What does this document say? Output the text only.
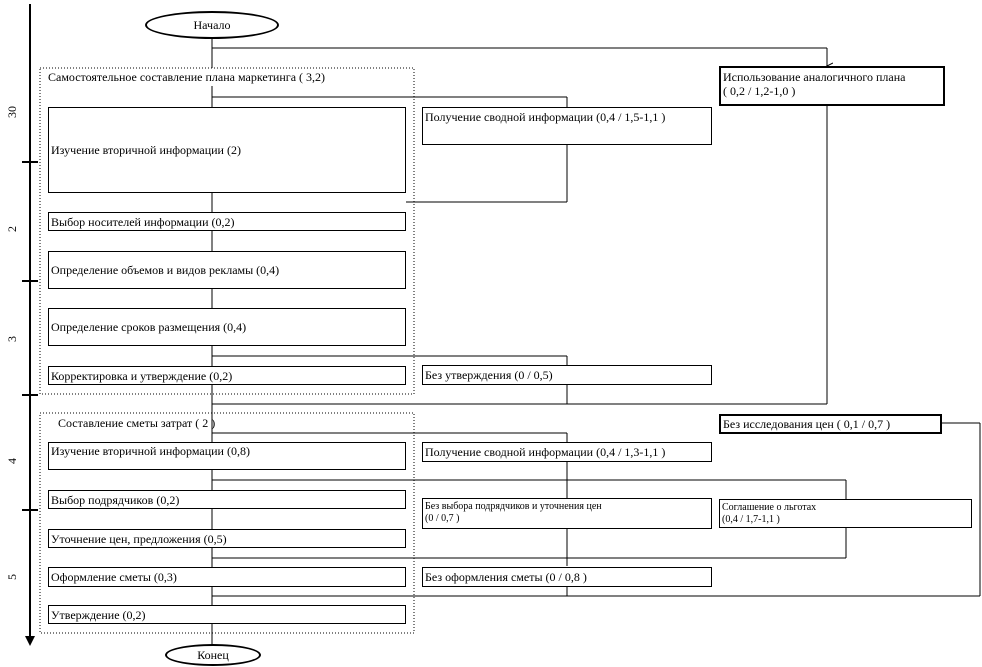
30
2
3
4
5
Начало
Конец
Самостоятельное составление плана маркетинга ( 3,2)
Составление сметы затрат ( 2 )
Изучение вторичной информации (2)
Выбор носителей информации (0,2)
Определение объемов и видов рекламы (0,4)
Определение сроков размещения (0,4)
Корректировка и утверждение (0,2)
Получение сводной информации (0,4 / 1,5-1,1 )
Без утверждения (0 / 0,5)
Использование аналогичного плана
( 0,2 / 1,2-1,0 )
Изучение вторичной информации (0,8)
Выбор подрядчиков (0,2)
Уточнение цен, предложения (0,5)
Оформление сметы (0,3)
Утверждение (0,2)
Без исследования цен ( 0,1 / 0,7 )
Получение сводной информации (0,4 / 1,3-1,1 )
Без выбора подрядчиков и уточнения цен
(0 / 0,7 )
Соглашение о льготах
(0,4 / 1,7-1,1 )
Без оформления сметы (0 / 0,8 )
